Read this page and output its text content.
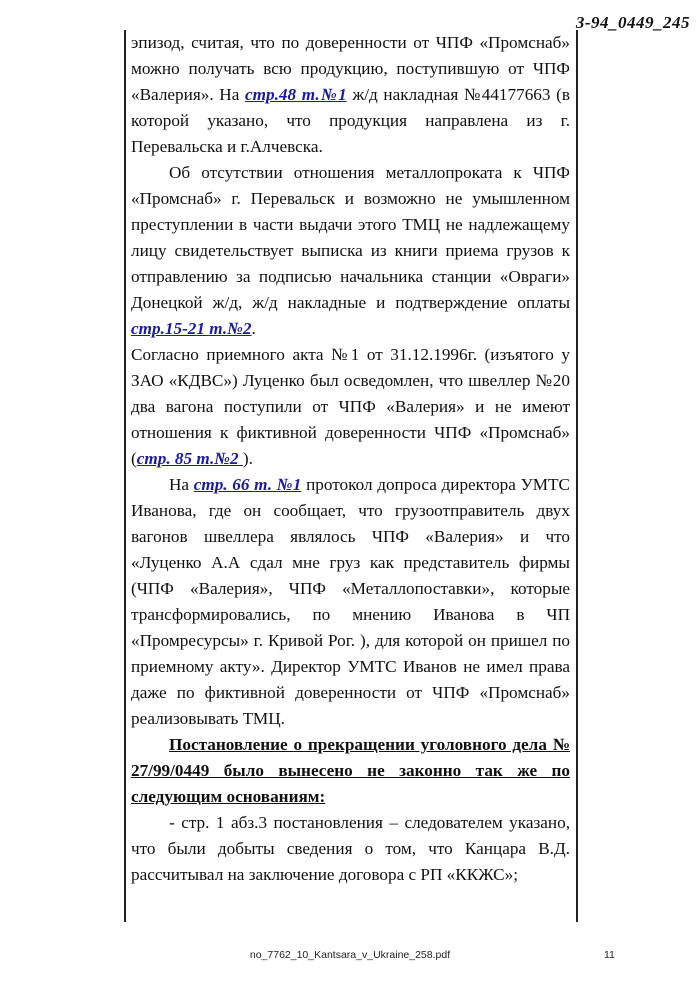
3-94_0449_245

эпизод, считая, что по доверенности от ЧПФ «Промснаб» можно получать всю продукцию, поступившую от ЧПФ «Валерия». На стр.48 т.№1 ж/д накладная №44177663 (в которой указано, что продукция направлена из г. Перевальска и г.Алчевска.

Об отсутствии отношения металлопроката к ЧПФ «Промснаб» г. Перевальск и возможно не умышленном преступлении в части выдачи этого ТМЦ не надлежащему лицу свидетельствует выписка из книги приема грузов к отправлению за подписью начальника станции «Овраги» Донецкой ж/д, ж/д накладные и подтверждение оплаты стр.15-21 т.№2.

Согласно приемного акта №1 от 31.12.1996г. (изъятого у ЗАО «КДВС») Луценко был осведомлен, что швеллер №20 два вагона поступили от ЧПФ «Валерия» и не имеют отношения к фиктивной доверенности ЧПФ «Промснаб» (стр. 85 т.№2 ).

На стр. 66 т. №1 протокол допроса директора УМТС Иванова, где он сообщает, что грузоотправитель двух вагонов швеллера являлось ЧПФ «Валерия» и что «Луценко А.А сдал мне груз как представитель фирмы (ЧПФ «Валерия», ЧПФ «Металлопоставки», которые трансформировались, по мнению Иванова в ЧП «Промресурсы» г. Кривой Рог. ), для которой он пришел по приемному акту». Директор УМТС Иванов не имел права даже по фиктивной доверенности от ЧПФ «Промснаб» реализовывать ТМЦ.

Постановление о прекращении уголовного дела № 27/99/0449 было вынесено не законно так же по следующим основаниям:

- стр. 1 абз.3 постановления – следователем указано, что были добыты сведения о том, что Канцара В.Д. рассчитывал на заключение договора с РП «ККЖС»;

no_7762_10_Kantsara_v_Ukraine_258.pdf	11
